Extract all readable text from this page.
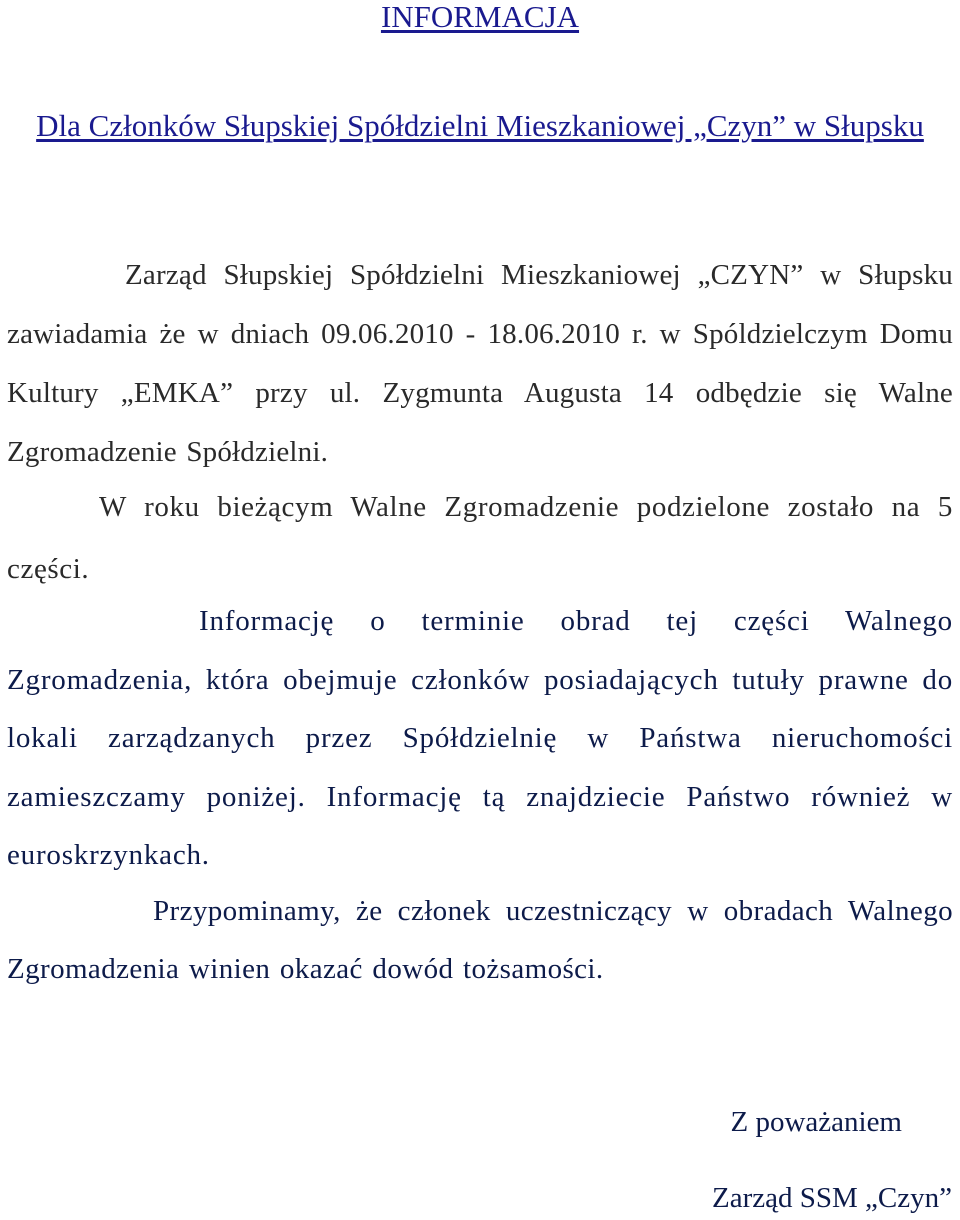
INFORMACJA
Dla Członków Słupskiej Spółdzielni Mieszkaniowej „Czyn” w Słupsku

Zarząd Słupskiej Spółdzielni Mieszkaniowej „CZYN” w Słupsku zawiadamia że w dniach 09.06.2010 - 18.06.2010 r. w Spóldzielczym Domu Kultury „EMKA” przy ul. Zygmunta Augusta 14 odbędzie się Walne Zgromadzenie Spółdzielni.

W roku bieżącym Walne Zgromadzenie podzielone zostało na 5 części.

Informację o terminie obrad tej części Walnego Zgromadzenia, która obejmuje członków posiadających tutuły prawne do lokali zarządzanych przez Spółdzielnię w Państwa nieruchomości zamieszczamy poniżej. Informację tą znajdziecie Państwo również w euroskrzynkach.

Przypominamy, że członek uczestniczący w obradach Walnego Zgromadzenia winien okazać dowód tożsamości.

Z poważaniem

Zarząd SSM „Czyn”
